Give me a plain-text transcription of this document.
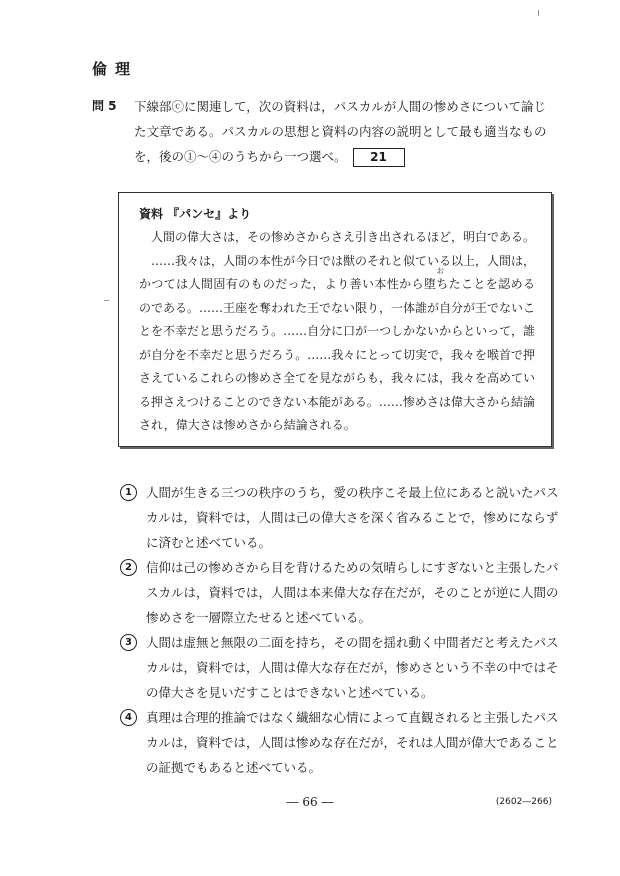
倫理
問 5 下線部ⓒに関連して，次の資料は，パスカルが人間の惨めさについて論じた文章である。パスカルの思想と資料の内容の説明として最も適当なものを，後の①～④のうちから一つ選べ。 21
資料 『パンセ』より

人間の偉大さは，その惨めさからさえ引き出されるほど，明白である。

……我々は，人間の本性が今日では獣のそれと似ている以上，人間は，かつては人間固有のものだった，より善い本性から
お
堕ちたことを認めるのである。……王座を奪われた王でない限り，一体誰が自分が王でないことを不幸だと思うだろう。……自分に口が一つしかないからといって，誰が自分を不幸だと思うだろう。……我々にとって切実で，我々を喉首で押さえているこれらの惨めさ全てを見ながらも，我々には，我々を高めている押さえつけることのできない本能がある。……惨めさは偉大さから結論され，偉大さは惨めさから結論される。

1	人間が生きる三つの秩序のうち，愛の秩序こそ最上位にあると説いたパスカルは，資料では，人間は己の偉大さを深く省みることで，惨めにならずに済むと述べている。
2	信仰は己の惨めさから目を背けるための気晴らしにすぎないと主張したパスカルは，資料では，人間は本来偉大な存在だが，そのことが逆に人間の惨めさを一層際立たせると述べている。
3	人間は虚無と無限の二面を持ち，その間を揺れ動く中間者だと考えたパスカルは，資料では，人間は偉大な存在だが，惨めさという不幸の中ではその偉大さを見いだすことはできないと述べている。
4	真理は合理的推論ではなく繊細な心情によって直観されると主張したパスカルは，資料では，人間は惨めな存在だが，それは人間が偉大であることの証拠でもあると述べている。
― 66 ―	(2602―266)
